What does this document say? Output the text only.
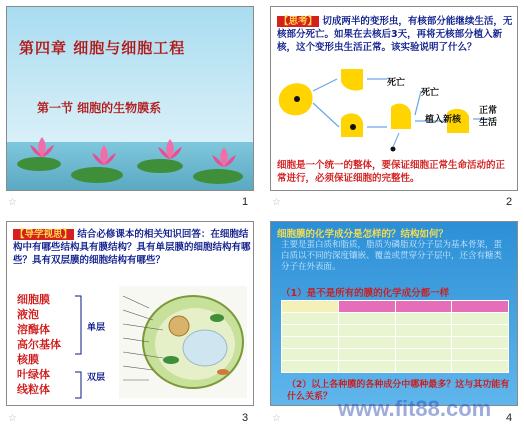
第四章 细胞与细胞工程
第一节 细胞的生物膜系
☆	1
【思考】 切成两半的变形虫，有核部分能继续生活，无核部分死亡。如果在去核后3天，再将无核部分植入新核，这个变形虫生活正常。该实验说明了什么？
死亡
死亡
植入新核
正常
生活
细胞是一个统一的整体，要保证细胞正常生命活动的正常进行，必须保证细胞的完整性。
☆	2
【导学视思】 结合必修课本的相关知识回答：在细胞结构中有哪些结构具有膜结构？具有单层膜的细胞结构有哪些？具有双层膜的细胞结构有哪些？
细胞膜
液泡
溶酶体
高尔基体
核膜
叶绿体
线粒体
单层
双层
☆	3
细胞膜的化学成分是怎样的？结构如何？
主要是蛋白质和脂质，脂质为磷脂双分子层为基本骨架，蛋白质以不同的深度镶嵌、覆盖或贯穿分子层中，还含有糖类分子在外表面。
（1）是不是所有的膜的化学成分都一样

（2）以上各种膜的各种成分中哪种最多？这与其功能有什么关系？ www.fit88.com
☆	4
